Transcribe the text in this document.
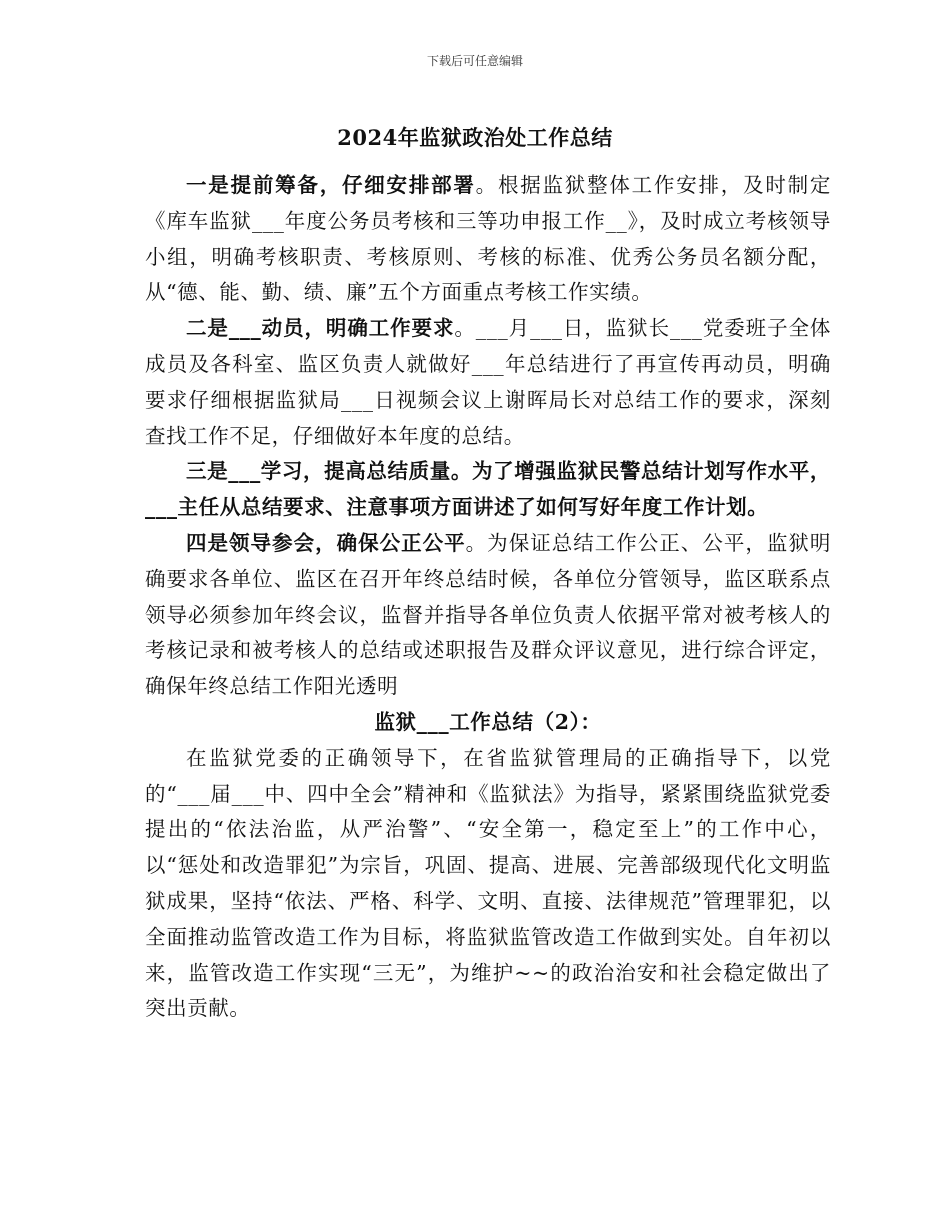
下载后可任意编辑
2024年监狱政治处工作总结

一是提前筹备，仔细安排部署。根据监狱整体工作安排，及时制定《库车监狱___年度公务员考核和三等功申报工作__》，及时成立考核领导小组，明确考核职责、考核原则、考核的标准、优秀公务员名额分配，从“德、能、勤、绩、廉”五个方面重点考核工作实绩。

二是___动员，明确工作要求。___月___日，监狱长___党委班子全体成员及各科室、监区负责人就做好___年总结进行了再宣传再动员，明确要求仔细根据监狱局___日视频会议上谢晖局长对总结工作的要求，深刻查找工作不足，仔细做好本年度的总结。

三是___学习，提高总结质量。为了增强监狱民警总结计划写作水平，___主任从总结要求、注意事项方面讲述了如何写好年度工作计划。

四是领导参会，确保公正公平。为保证总结工作公正、公平，监狱明确要求各单位、监区在召开年终总结时候，各单位分管领导，监区联系点领导必须参加年终会议，监督并指导各单位负责人依据平常对被考核人的考核记录和被考核人的总结或述职报告及群众评议意见，进行综合评定，确保年终总结工作阳光透明

监狱___工作总结（2）：

在监狱党委的正确领导下，在省监狱管理局的正确指导下，以党的“___届___中、四中全会”精神和《监狱法》为指导，紧紧围绕监狱党委提出的“依法治监，从严治警”、“安全第一，稳定至上”的工作中心，以“惩处和改造罪犯”为宗旨，巩固、提高、进展、完善部级现代化文明监狱成果，坚持“依法、严格、科学、文明、直接、法律规范”管理罪犯，以全面推动监管改造工作为目标，将监狱监管改造工作做到实处。自年初以来，监管改造工作实现“三无”，为维护~~的政治治安和社会稳定做出了突出贡献。
